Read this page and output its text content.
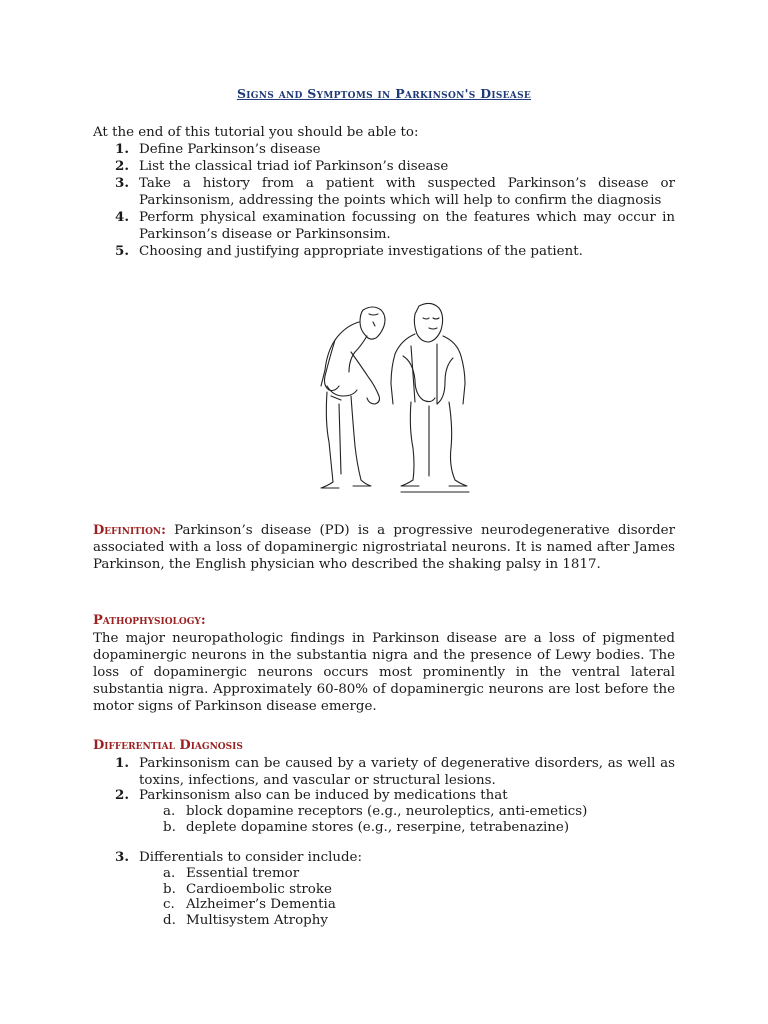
Signs and Symptoms in Parkinson's Disease
At the end of this tutorial you should be able to:
1. Define Parkinson’s disease
2. List the classical triad iof Parkinson’s disease
3. Take a history from a patient with suspected Parkinson’s disease or Parkinsonism, addressing the points which will help to confirm the diagnosis
4. Perform physical examination focussing on the features which may occur in Parkinson’s disease or Parkinsonsim.
5. Choosing and justifying appropriate investigations of the patient.
Definition: Parkinson’s disease (PD) is a progressive neurodegenerative disorder associated with a loss of dopaminergic nigrostriatal neurons. It is named after James Parkinson, the English physician who described the shaking palsy in 1817.
Pathophysiology:
The major neuropathologic findings in Parkinson disease are a loss of pigmented dopaminergic neurons in the substantia nigra and the presence of Lewy bodies. The loss of dopaminergic neurons occurs most prominently in the ventral lateral substantia nigra. Approximately 60-80% of dopaminergic neurons are lost before the motor signs of Parkinson disease emerge.
Differential Diagnosis
1. Parkinsonism can be caused by a variety of degenerative disorders, as well as toxins, infections, and vascular or structural lesions.
2. Parkinsonism also can be induced by medications that
a. block dopamine receptors (e.g., neuroleptics, anti-emetics)
b. deplete dopamine stores (e.g., reserpine, tetrabenazine)
3. Differentials to consider include:
a. Essential tremor
b. Cardioembolic stroke
c. Alzheimer’s Dementia
d. Multisystem Atrophy
